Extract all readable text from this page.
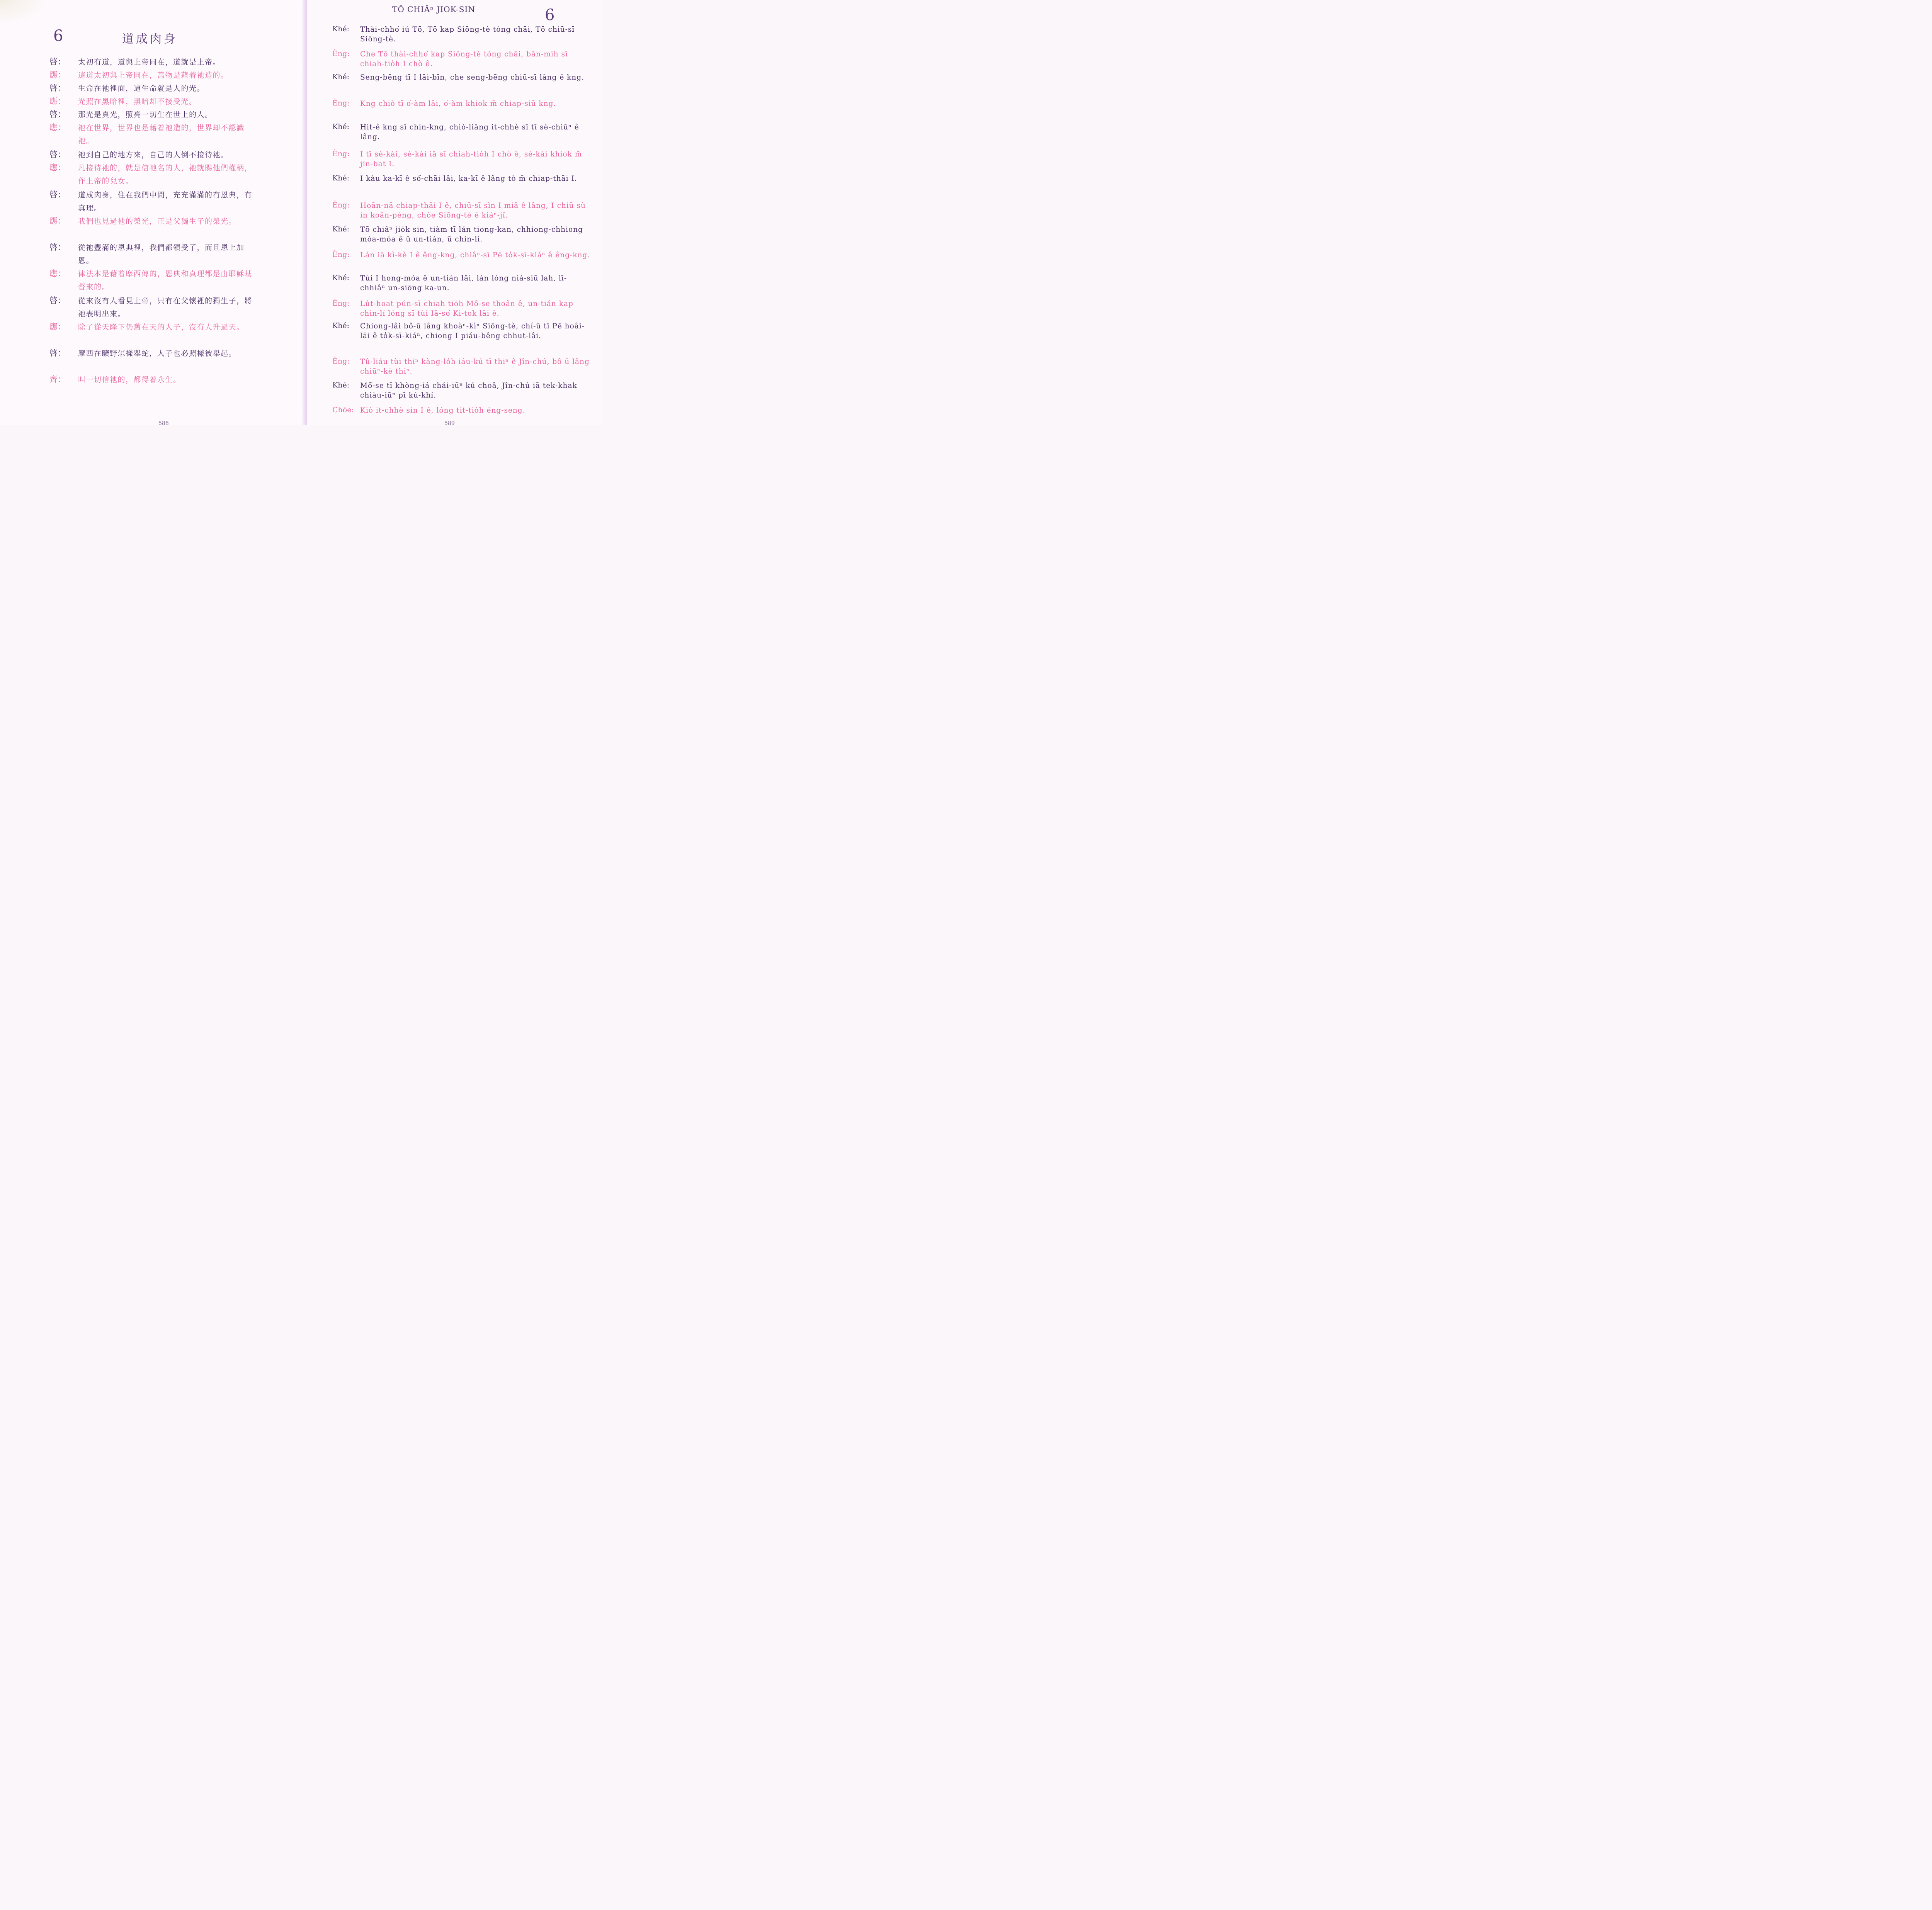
6	道成肉身
啓：	太初有道，道與上帝同在，道就是上帝。
應：	這道太初與上帝同在，萬物是藉着祂造的。
啓：	生命在祂裡面，這生命就是人的光。
應：	光照在黑暗裡，黑暗却不接受光。
啓：	那光是真光，照亮一切生在世上的人。
應：	祂在世界，世界也是藉着祂造的，世界却不認識祂。
啓：	祂到自己的地方來，自己的人倒不接待祂。
應：	凡接待祂的，就是信祂名的人，祂就賜他們權柄，作上帝的兒女。
啓：	道成肉身，住在我們中間，充充滿滿的有恩典，有真理。
應：	我們也見過祂的榮光，正是父獨生子的榮光。
啓：	從祂豐滿的恩典裡，我們都領受了，而且恩上加恩。
應：	律法本是藉着摩西傳的，恩典和真理都是由耶穌基督來的。
啓：	從來沒有人看見上帝，只有在父懷裡的獨生子，將祂表明出來。
應：	除了從天降下仍舊在天的人子，沒有人升過天。
啓：	摩西在曠野怎樣舉蛇，人子也必照樣被舉起。
齊：	叫一切信祂的，都得着永生。
588
TŌ CHIÂⁿ JIOK-SIN	6
Khé:	Thài-chho͘ iú Tō, Tō kap Siōng-tè tóng chāi, Tō chiū-sī Siōng-tè.
Èng:	Che Tō thài-chho͘ kap Siōng-tè tóng chāi, bān-mih sī chiah-tio̍h I chò ê.
Khé:	Seng-bēng tī I lāi-bīn, che seng-bēng chiū-sī lâng ê kng.
Èng:	Kng chiò tī o͘-àm lāi, o͘-àm khiok m̄ chiap-siū kng.
Khé:	Hit-ê kng sī chin-kng, chiò-liāng it-chhè sī tī sè-chiūⁿ ê lâng.
Èng:	I tī sè-kài, sè-kài iā sī chiah-tio̍h I chò ê, sè-kài khiok m̄ jīn-bat I.
Khé:	I kàu ka-kī ê só͘-chāi lâi, ka-kī ê lâng tò m̄ chiap-thāi I.
Èng:	Hoān-nā chiap-thāi I ê, chiū-sī sìn I miâ ê lâng, I chiū sù in koân-pèng, chòe Siōng-tè ê kiáⁿ-jî.
Khé:	Tō chiâⁿ jio̍k sin, tiàm tī lán tiong-kan, chhiong-chhiong móa-móa ê ū un-tián, ū chin-lí.
Èng:	Lán iā kì-kè I ê êng-kng, chiâⁿ-sī Pē to̍k-sī-kiáⁿ ê êng-kng.
Khé:	Tùi I hong-móa ê un-tián lâi, lán lóng niá-siū lah, lī-chhiâⁿ un-siōng ka-un.
Èng:	Lu̍t-hoat pún-sī chiah tio̍h Mô͘-se thoân ê, un-tián kap chin-lí lóng sī tùi Iâ-so͘ Ki-tok lâi ê.
Khé:	Chiong-lâi bô-ū lâng khoàⁿ-kìⁿ Siōng-tè, chí-ū tī Pē hoâi-lāi ê to̍k-sī-kiáⁿ, chiong I piáu-bêng chhut-lâi.
Èng:	Tû-liáu tùi thiⁿ kàng-lo̍h iáu-kú tī thiⁿ ê Jîn-chú, bô ū lâng chiūⁿ-kè thiⁿ.
Khé:	Mô͘-se tī khòng-iá chái-iūⁿ kú choâ, Jîn-chú iā tek-khak chiàu-iūⁿ pī kú-khí.
Chōe: Kiò it-chhè sìn I ê, lóng tit-tio̍h éng-seng.
589
